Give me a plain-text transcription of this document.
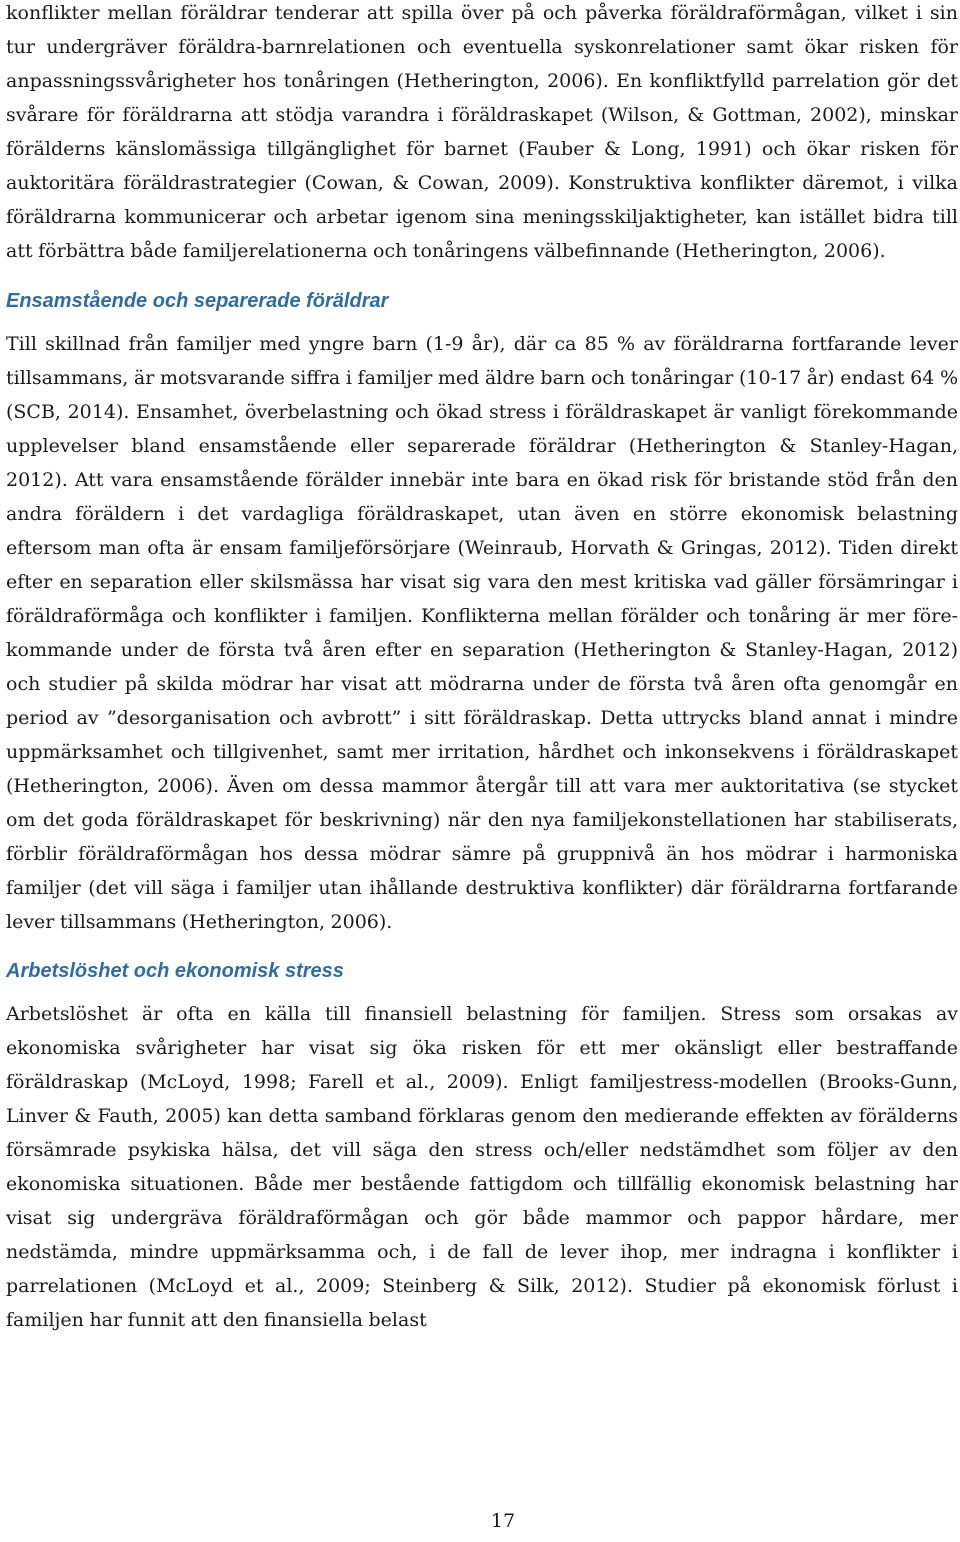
konflikter mellan föräldrar tenderar att spilla över på och påverka föräldraförmågan, vilket i sin tur undergräver föräldra-barnrelationen och eventuella syskonrelationer samt ökar risken för anpassningssvårigheter hos tonåringen (Hetherington, 2006). En konfliktfylld parrelation gör det svårare för föräldrarna att stödja varandra i föräldraskapet (Wilson, & Gottman, 2002), minskar förälderns känslomässiga tillgänglighet för barnet (Fauber & Long, 1991) och ökar risken för auktoritära föräldrastrategier (Cowan, & Cowan, 2009). Konstruktiva konflikter däremot, i vilka föräldrarna kommunicerar och arbetar igenom sina meningsskiljaktigheter, kan istället bidra till att förbättra både familjerelationerna och tonåringens välbefinnande (Hetherington, 2006).

Ensamstående och separerade föräldrar

Till skillnad från familjer med yngre barn (1-9 år), där ca 85 % av föräldrarna fortfarande lever tillsammans, är motsvarande siffra i familjer med äldre barn och tonåringar (10-17 år) endast 64 % (SCB, 2014). Ensamhet, överbelastning och ökad stress i föräldraskapet är vanligt förekommande upplevelser bland ensamstående eller separerade föräldrar (Hetherington & Stanley-Hagan, 2012). Att vara ensamstående förälder innebär inte bara en ökad risk för bristande stöd från den andra föräldern i det vardagliga föräldraskapet, utan även en större ekonomisk belastning eftersom man ofta är ensam familjeförsörjare (Weinraub, Horvath & Gringas, 2012). Tiden direkt efter en separation eller skilsmässa har visat sig vara den mest kritiska vad gäller försämringar i föräldraförmåga och konflikter i familjen. Konflikterna mellan förälder och tonåring är mer förekommande under de första två åren efter en separation (Hetherington & Stanley-Hagan, 2012) och studier på skilda mödrar har visat att mödrarna under de första två åren ofta genomgår en period av ”desorganisation och avbrott” i sitt föräldraskap. Detta uttrycks bland annat i mindre uppmärksamhet och tillgivenhet, samt mer irritation, hårdhet och inkonsekvens i föräldraskapet (Hetherington, 2006). Även om dessa mammor återgår till att vara mer auktoritativa (se stycket om det goda föräldraskapet för beskrivning) när den nya familjekonstellationen har stabiliserats, förblir föräldraförmågan hos dessa mödrar sämre på gruppnivå än hos mödrar i harmoniska familjer (det vill säga i familjer utan ihållande destruktiva konflikter) där föräldrarna fortfarande lever tillsammans (Hetherington, 2006).

Arbetslöshet och ekonomisk stress

Arbetslöshet är ofta en källa till finansiell belastning för familjen. Stress som orsakas av ekonomiska svårigheter har visat sig öka risken för ett mer okänsligt eller bestraffande föräldraskap (McLoyd, 1998; Farell et al., 2009). Enligt familjestress-modellen (Brooks-Gunn, Linver & Fauth, 2005) kan detta samband förklaras genom den medierande effekten av förälderns försämrade psykiska hälsa, det vill säga den stress och/eller nedstämdhet som följer av den ekonomiska situationen. Både mer bestående fattigdom och tillfällig ekonomisk belastning har visat sig undergräva föräldraförmågan och gör både mammor och pappor hårdare, mer nedstämda, mindre uppmärksamma och, i de fall de lever ihop, mer indragna i konflikter i parrelationen (McLoyd et al., 2009; Steinberg & Silk, 2012). Studier på ekonomisk förlust i familjen har funnit att den finansiella belast

17
